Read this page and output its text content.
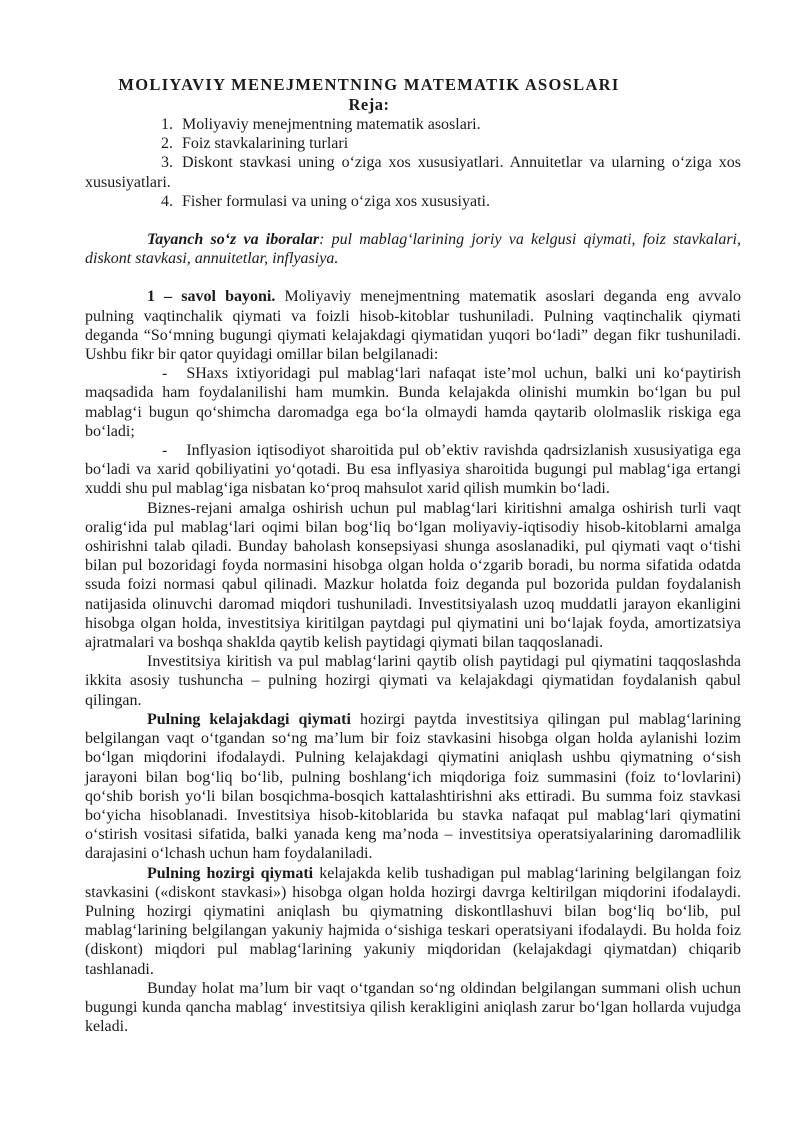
MOLIYAVIY MENEJMENTNING MATEMATIK ASOSLARI
Reja:

1. Moliyaviy menejmentning matematik asoslari.

2. Foiz stavkalarining turlari

3. Diskont stavkasi uning o‘ziga xos xususiyatlari. Annuitetlar va ularning o‘ziga xos xususiyatlari.

4. Fisher formulasi va uning o‘ziga xos xususiyati.

Tayanch so‘z va iboralar: pul mablag‘larining joriy va kelgusi qiymati, foiz stavkalari, diskont stavkasi, annuitetlar, inflyasiya.

1 – savol bayoni. Moliyaviy menejmentning matematik asoslari deganda eng avvalo pulning vaqtinchalik qiymati va foizli hisob-kitoblar tushuniladi. Pulning vaqtinchalik qiymati deganda “So‘mning bugungi qiymati kelajakdagi qiymatidan yuqori bo‘ladi” degan fikr tushuniladi. Ushbu fikr bir qator quyidagi omillar bilan belgilanadi:

- SHaxs ixtiyoridagi pul mablag‘lari nafaqat iste’mol uchun, balki uni ko‘paytirish maqsadida ham foydalanilishi ham mumkin. Bunda kelajakda olinishi mumkin bo‘lgan bu pul mablag‘i bugun qo‘shimcha daromadga ega bo‘la olmaydi hamda qaytarib ololmaslik riskiga ega bo‘ladi;

- Inflyasion iqtisodiyot sharoitida pul ob’ektiv ravishda qadrsizlanish xususiyatiga ega bo‘ladi va xarid qobiliyatini yo‘qotadi. Bu esa inflyasiya sharoitida bugungi pul mablag‘iga ertangi xuddi shu pul mablag‘iga nisbatan ko‘proq mahsulot xarid qilish mumkin bo‘ladi.

Biznes-rejani amalga oshirish uchun pul mablag‘lari kiritishni amalga oshirish turli vaqt oralig‘ida pul mablag‘lari oqimi bilan bog‘liq bo‘lgan moliyaviy-iqtisodiy hisob-kitoblarni amalga oshirishni talab qiladi. Bunday baholash konsepsiyasi shunga asoslanadiki, pul qiymati vaqt o‘tishi bilan pul bozoridagi foyda normasini hisobga olgan holda o‘zgarib boradi, bu norma sifatida odatda ssuda foizi normasi qabul qilinadi. Mazkur holatda foiz deganda pul bozorida puldan foydalanish natijasida olinuvchi daromad miqdori tushuniladi. Investitsiyalash uzoq muddatli jarayon ekanligini hisobga olgan holda, investitsiya kiritilgan paytdagi pul qiymatini uni bo‘lajak foyda, amortizatsiya ajratmalari va boshqa shaklda qaytib kelish paytidagi qiymati bilan taqqoslanadi.

Investitsiya kiritish va pul mablag‘larini qaytib olish paytidagi pul qiymatini taqqoslashda ikkita asosiy tushuncha – pulning hozirgi qiymati va kelajakdagi qiymatidan foydalanish qabul qilingan.

Pulning kelajakdagi qiymati hozirgi paytda investitsiya qilingan pul mablag‘larining belgilangan vaqt o‘tgandan so‘ng ma’lum bir foiz stavkasini hisobga olgan holda aylanishi lozim bo‘lgan miqdorini ifodalaydi. Pulning kelajakdagi qiymatini aniqlash ushbu qiymatning o‘sish jarayoni bilan bog‘liq bo‘lib, pulning boshlang‘ich miqdoriga foiz summasini (foiz to‘lovlarini) qo‘shib borish yo‘li bilan bosqichma-bosqich kattalashtirishni aks ettiradi. Bu summa foiz stavkasi bo‘yicha hisoblanadi. Investitsiya hisob-kitoblarida bu stavka nafaqat pul mablag‘lari qiymatini o‘stirish vositasi sifatida, balki yanada keng ma’noda – investitsiya operatsiyalarining daromadlilik darajasini o‘lchash uchun ham foydalaniladi.

Pulning hozirgi qiymati kelajakda kelib tushadigan pul mablag‘larining belgilangan foiz stavkasini («diskont stavkasi») hisobga olgan holda hozirgi davrga keltirilgan miqdorini ifodalaydi. Pulning hozirgi qiymatini aniqlash bu qiymatning diskontllashuvi bilan bog‘liq bo‘lib, pul mablag‘larining belgilangan yakuniy hajmida o‘sishiga teskari operatsiyani ifodalaydi. Bu holda foiz (diskont) miqdori pul mablag‘larining yakuniy miqdoridan (kelajakdagi qiymatdan) chiqarib tashlanadi.

Bunday holat ma’lum bir vaqt o‘tgandan so‘ng oldindan belgilangan summani olish uchun bugungi kunda qancha mablag‘ investitsiya qilish kerakligini aniqlash zarur bo‘lgan hollarda vujudga keladi.
